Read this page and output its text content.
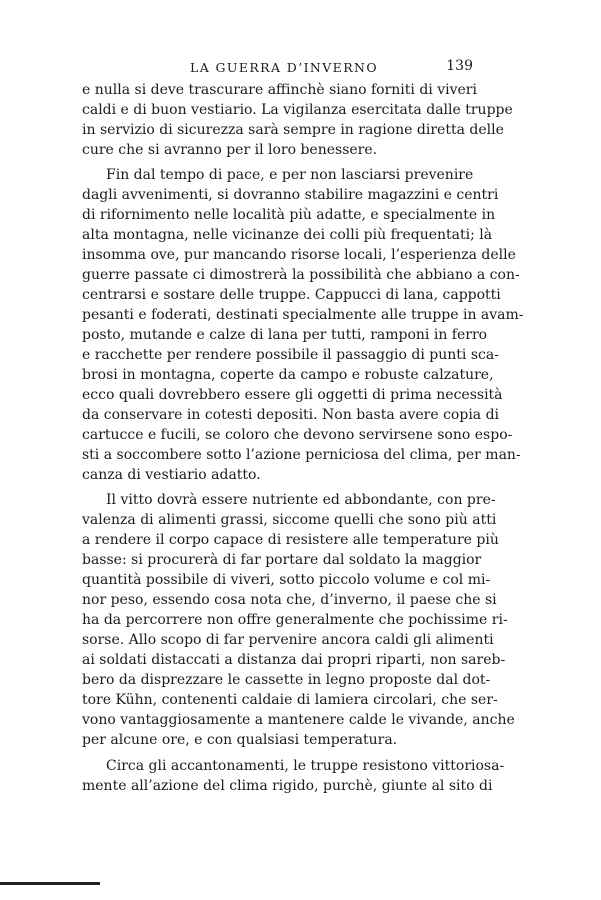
LA GUERRA D’INVERNO	139
e nulla si deve trascurare affinchè siano forniti di viveri
caldi e di buon vestiario. La vigilanza esercitata dalle truppe
in servizio di sicurezza sarà sempre in ragione diretta delle
cure che si avranno per il loro benessere.
Fin dal tempo di pace, e per non lasciarsi prevenire
dagli avvenimenti, si dovranno stabilire magazzini e centri
di rifornimento nelle località più adatte, e specialmente in
alta montagna, nelle vicinanze dei colli più frequentati; là
insomma ove, pur mancando risorse locali, l’esperienza delle
guerre passate ci dimostrerà la possibilità che abbiano a con-
centrarsi e sostare delle truppe. Cappucci di lana, cappotti
pesanti e foderati, destinati specialmente alle truppe in avam-
posto, mutande e calze di lana per tutti, ramponi in ferro
e racchette per rendere possibile il passaggio di punti sca-
brosi in montagna, coperte da campo e robuste calzature,
ecco quali dovrebbero essere gli oggetti di prima necessità
da conservare in cotesti depositi. Non basta avere copia di
cartucce e fucili, se coloro che devono servirsene sono espo-
sti a soccombere sotto l’azione perniciosa del clima, per man-
canza di vestiario adatto.
Il vitto dovrà essere nutriente ed abbondante, con pre-
valenza di alimenti grassi, siccome quelli che sono più atti
a rendere il corpo capace di resistere alle temperature più
basse: si procurerà di far portare dal soldato la maggior
quantità possibile di viveri, sotto piccolo volume e col mi-
nor peso, essendo cosa nota che, d’inverno, il paese che si
ha da percorrere non offre generalmente che pochissime ri-
sorse. Allo scopo di far pervenire ancora caldi gli alimenti
ai soldati distaccati a distanza dai propri riparti, non sareb-
bero da disprezzare le cassette in legno proposte dal dot-
tore Kühn, contenenti caldaie di lamiera circolari, che ser-
vono vantaggiosamente a mantenere calde le vivande, anche
per alcune ore, e con qualsiasi temperatura.
Circa gli accantonamenti, le truppe resistono vittoriosa-
mente all’azione del clima rigido, purchè, giunte al sito di
